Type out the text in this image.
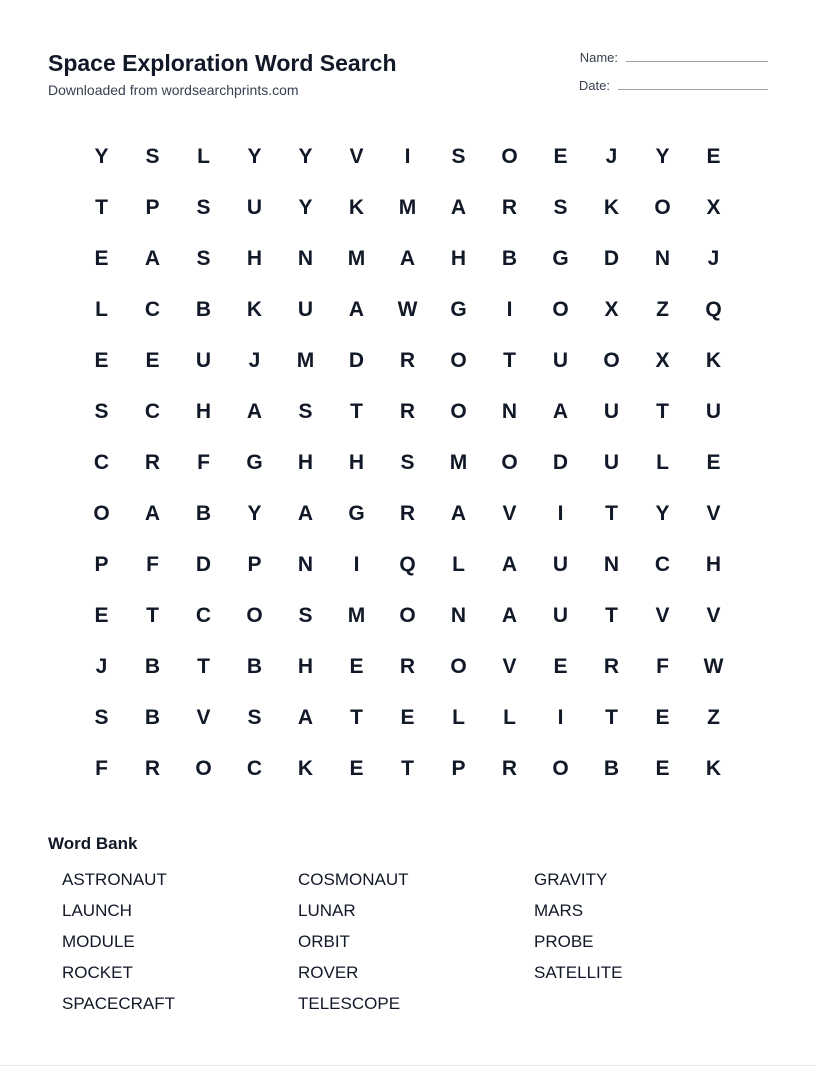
Space Exploration Word Search
Downloaded from wordsearchprints.com
Name:
Date:
Y	S	L	Y	Y	V	I	S	O	E	J	Y	E
T	P	S	U	Y	K	M	A	R	S	K	O	X
E	A	S	H	N	M	A	H	B	G	D	N	J
L	C	B	K	U	A	W	G	I	O	X	Z	Q
E	E	U	J	M	D	R	O	T	U	O	X	K
S	C	H	A	S	T	R	O	N	A	U	T	U
C	R	F	G	H	H	S	M	O	D	U	L	E
O	A	B	Y	A	G	R	A	V	I	T	Y	V
P	F	D	P	N	I	Q	L	A	U	N	C	H
E	T	C	O	S	M	O	N	A	U	T	V	V
J	B	T	B	H	E	R	O	V	E	R	F	W
S	B	V	S	A	T	E	L	L	I	T	E	Z
F	R	O	C	K	E	T	P	R	O	B	E	K
Word Bank
ASTRONAUT	COSMONAUT	GRAVITY
LAUNCH	LUNAR	MARS
MODULE	ORBIT	PROBE
ROCKET	ROVER	SATELLITE
SPACECRAFT	TELESCOPE
